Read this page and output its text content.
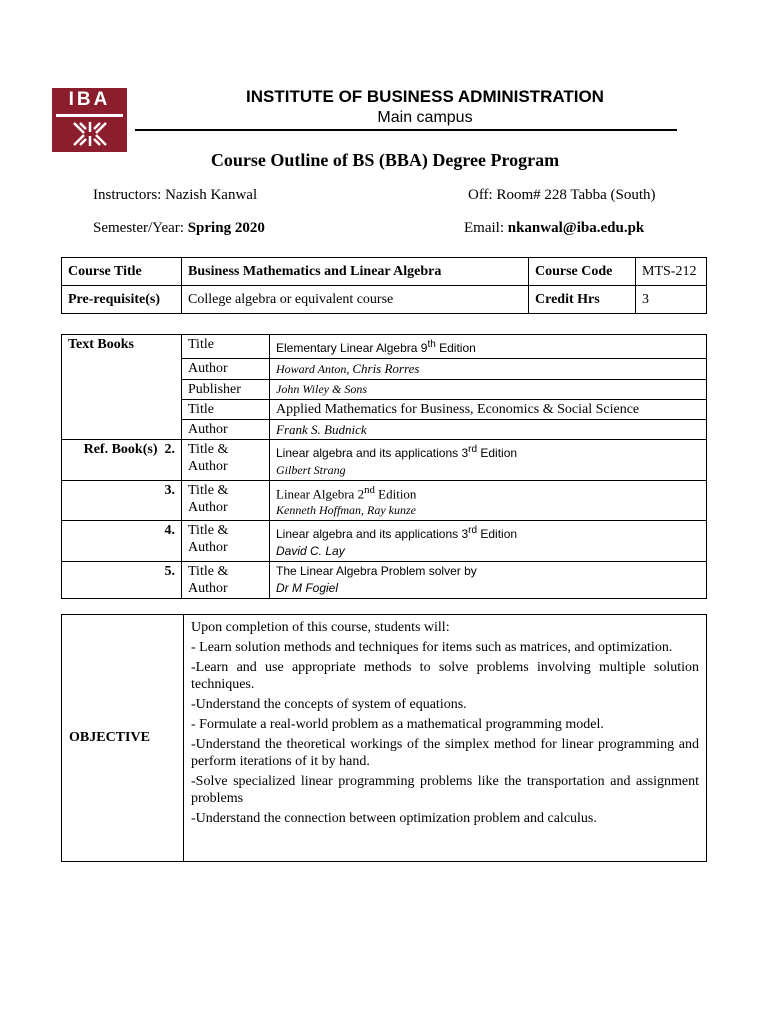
IBA	INSTITUTE OF BUSINESS ADMINISTRATION
Main campus
Course Outline of BS (BBA) Degree Program
Instructors: Nazish Kanwal	Off: Room# 228 Tabba (South)
Semester/Year: Spring 2020	Email: nkanwal@iba.edu.pk
Course Title	Business Mathematics and Linear Algebra	Course Code	MTS-212
Pre-requisite(s)	College algebra or equivalent course	Credit Hrs	3
Text Books	Title	Elementary Linear Algebra 9th Edition
	Author	Howard Anton, Chris Rorres
	Publisher	John Wiley & Sons
	Title	Applied Mathematics for Business, Economics & Social Science
	Author	Frank S. Budnick
Ref. Book(s) 2.	Title & Author	Linear algebra and its applications 3rd Edition
Gilbert Strang

3.	Title & Author	Linear Algebra 2nd Edition
Kenneth Hoffman, Ray kunze

4.	Title & Author	Linear algebra and its applications 3rd Edition
David C. Lay

5.	Title & Author	The Linear Algebra Problem solver by
Dr M Fogiel
OBJECTIVE	
Upon completion of this course, students will:
- Learn solution methods and techniques for items such as matrices, and optimization.
-Learn and use appropriate methods to solve problems involving multiple solution techniques.
-Understand the concepts of system of equations.
- Formulate a real-world problem as a mathematical programming model.
-Understand the theoretical workings of the simplex method for linear programming and perform iterations of it by hand.
-Solve specialized linear programming problems like the transportation and assignment problems
-Understand the connection between optimization problem and calculus.
